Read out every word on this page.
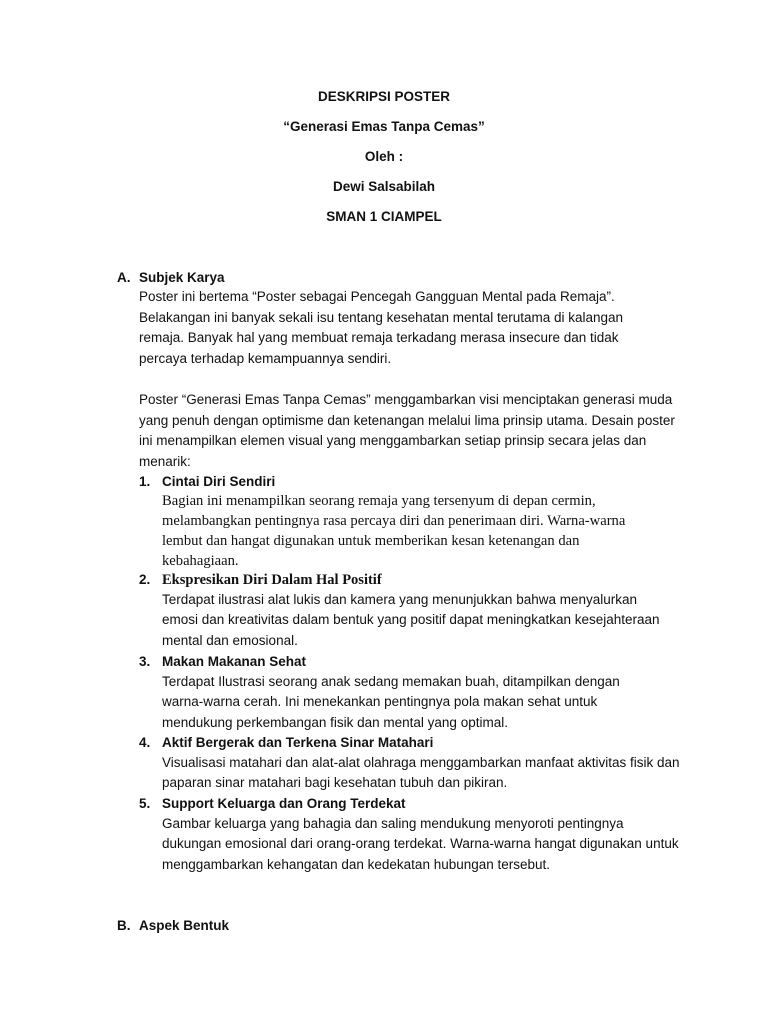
DESKRIPSI POSTER
“Generasi Emas Tanpa Cemas”
Oleh :
Dewi Salsabilah
SMAN 1 CIAMPEL
A. Subjek Karya
Poster ini bertema “Poster sebagai Pencegah Gangguan Mental pada Remaja”. Belakangan ini banyak sekali isu tentang kesehatan mental terutama di kalangan remaja. Banyak hal yang membuat remaja terkadang merasa insecure dan tidak percaya terhadap kemampuannya sendiri.
Poster “Generasi Emas Tanpa Cemas” menggambarkan visi menciptakan generasi muda yang penuh dengan optimisme dan ketenangan melalui lima prinsip utama. Desain poster ini menampilkan elemen visual yang menggambarkan setiap prinsip secara jelas dan menarik:
1. Cintai Diri Sendiri
Bagian ini menampilkan seorang remaja yang tersenyum di depan cermin, melambangkan pentingnya rasa percaya diri dan penerimaan diri. Warna-warna lembut dan hangat digunakan untuk memberikan kesan ketenangan dan kebahagiaan.
2. Ekspresikan Diri Dalam Hal Positif
Terdapat ilustrasi alat lukis dan kamera yang menunjukkan bahwa menyalurkan emosi dan kreativitas dalam bentuk yang positif dapat meningkatkan kesejahteraan mental dan emosional.
3. Makan Makanan Sehat
Terdapat Ilustrasi seorang anak sedang memakan buah, ditampilkan dengan warna-warna cerah. Ini menekankan pentingnya pola makan sehat untuk mendukung perkembangan fisik dan mental yang optimal.
4. Aktif Bergerak dan Terkena Sinar Matahari
Visualisasi matahari dan alat-alat olahraga menggambarkan manfaat aktivitas fisik dan paparan sinar matahari bagi kesehatan tubuh dan pikiran.
5. Support Keluarga dan Orang Terdekat
Gambar keluarga yang bahagia dan saling mendukung menyoroti pentingnya dukungan emosional dari orang-orang terdekat. Warna-warna hangat digunakan untuk menggambarkan kehangatan dan kedekatan hubungan tersebut.
B. Aspek Bentuk
